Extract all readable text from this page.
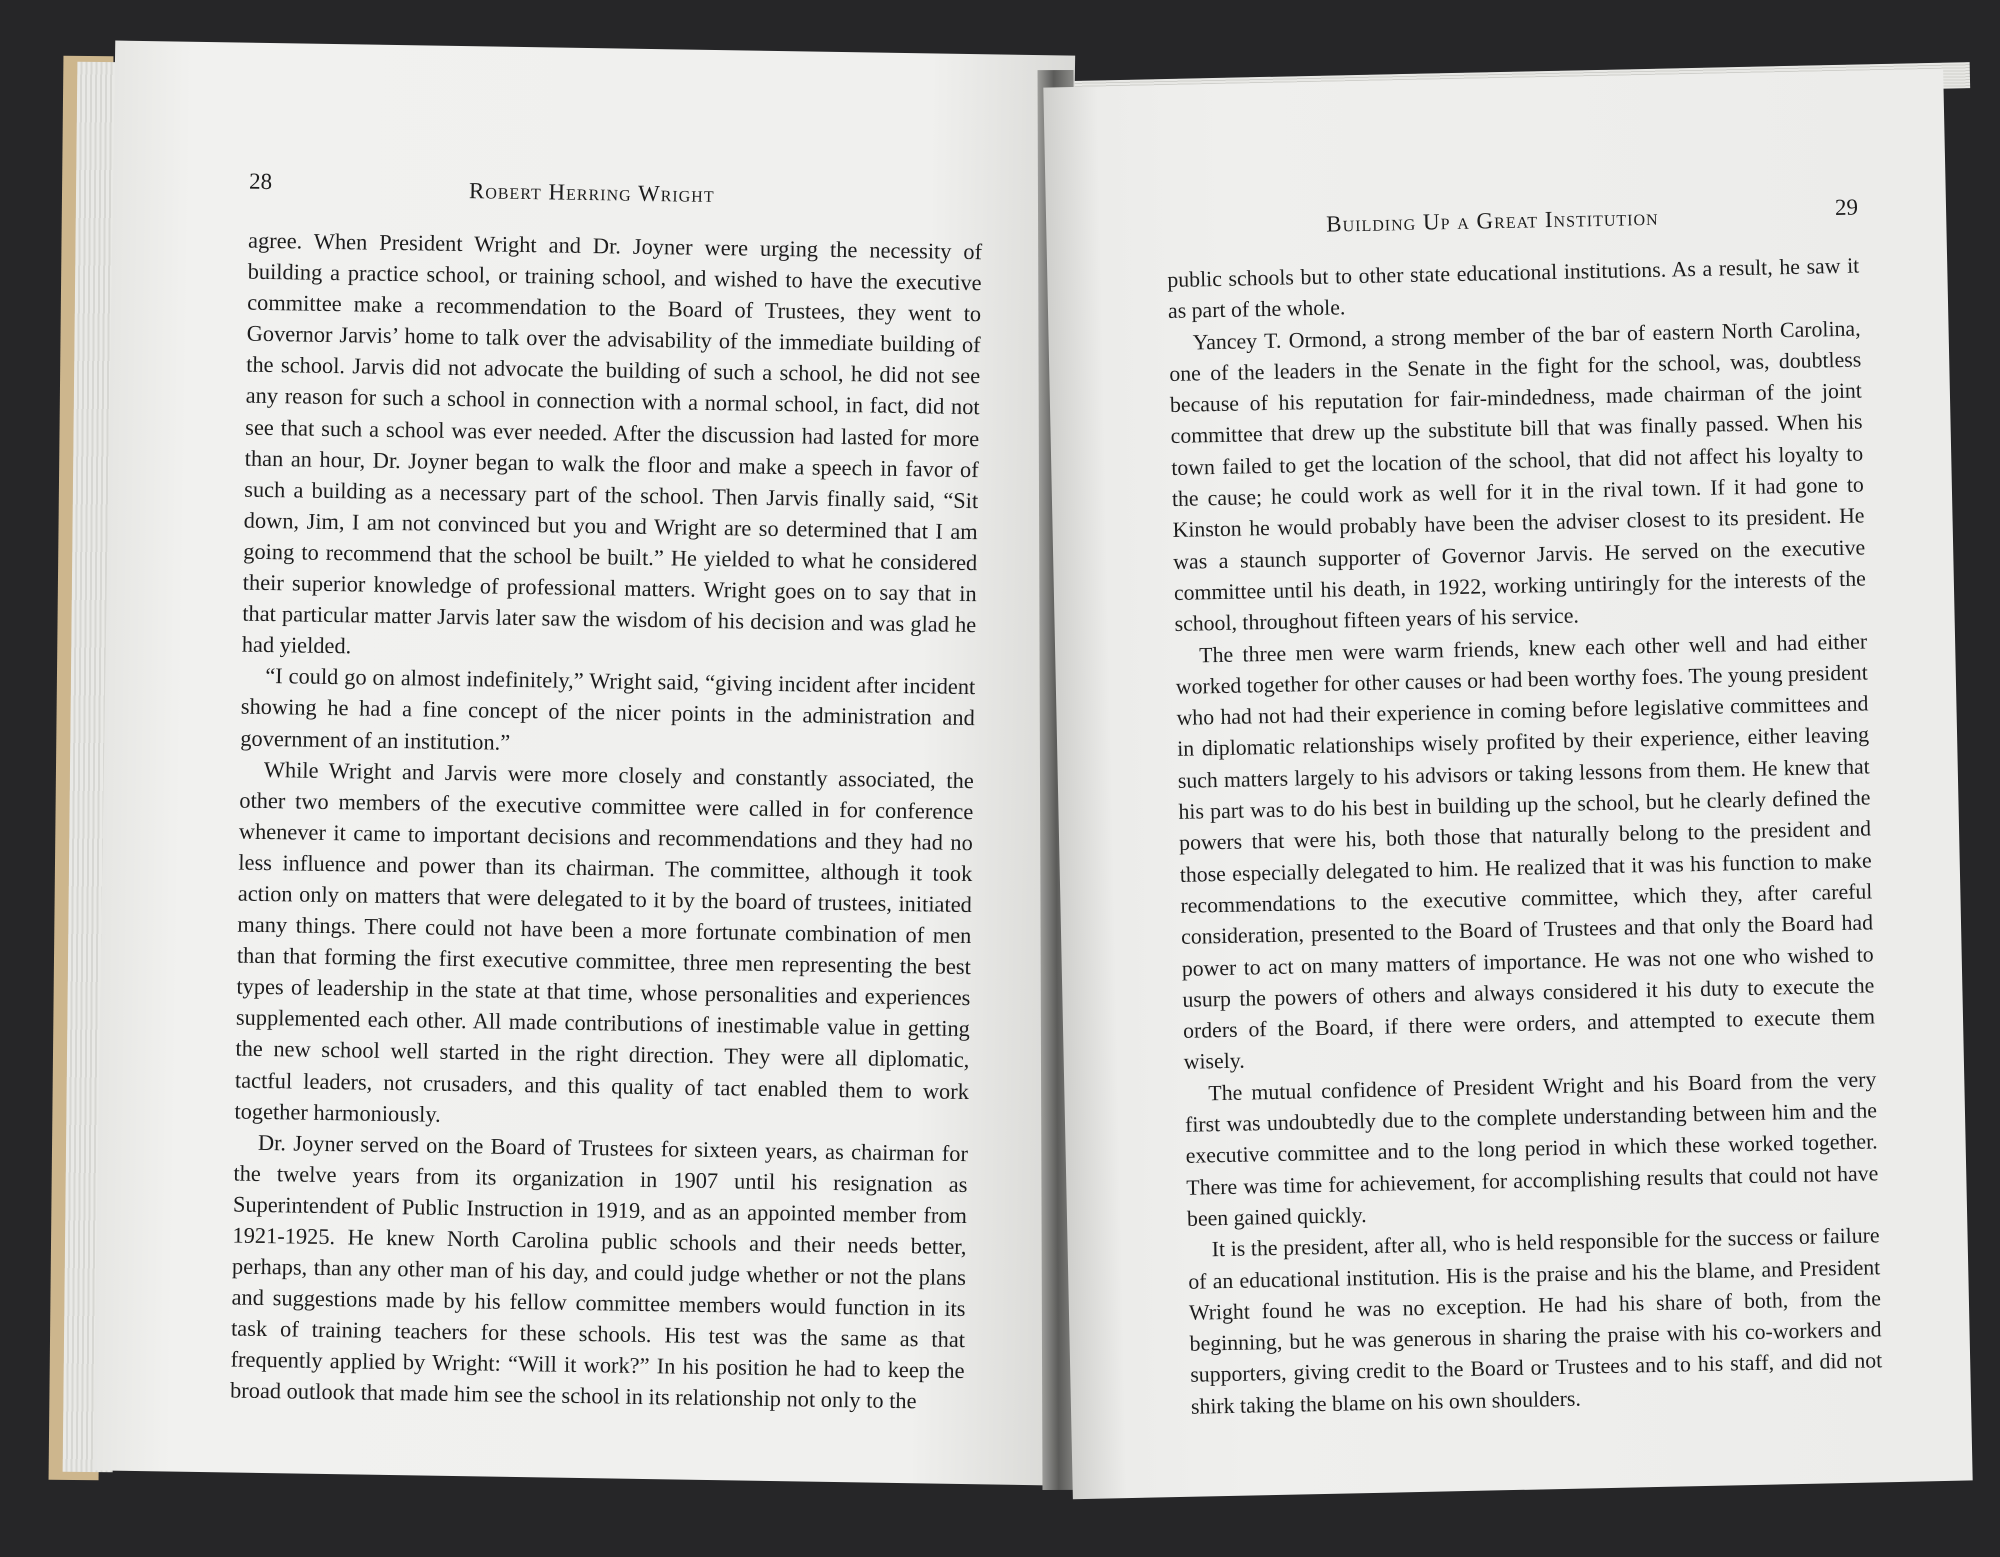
28	Robert Herring Wright

agree. When President Wright and Dr. Joyner were urging the necessity of building a practice school, or training school, and wished to have the executive committee make a recommendation to the Board of Trustees, they went to Governor Jarvis’ home to talk over the advisability of the immediate building of the school. Jarvis did not advocate the building of such a school, he did not see any reason for such a school in connection with a normal school, in fact, did not see that such a school was ever needed. After the discussion had lasted for more than an hour, Dr. Joyner began to walk the floor and make a speech in favor of such a building as a necessary part of the school. Then Jarvis finally said, “Sit down, Jim, I am not convinced but you and Wright are so determined that I am going to recommend that the school be built.” He yielded to what he considered their superior knowledge of professional matters. Wright goes on to say that in that particular matter Jarvis later saw the wisdom of his decision and was glad he had yielded.

“I could go on almost indefinitely,” Wright said, “giving incident after incident showing he had a fine concept of the nicer points in the administration and government of an institution.”

While Wright and Jarvis were more closely and constantly associated, the other two members of the executive committee were called in for conference whenever it came to important decisions and recommendations and they had no less influence and power than its chairman. The committee, although it took action only on matters that were delegated to it by the board of trustees, initiated many things. There could not have been a more fortunate combination of men than that forming the first executive committee, three men representing the best types of leadership in the state at that time, whose personalities and experiences supplemented each other. All made contributions of inestimable value in getting the new school well started in the right direction. They were all diplomatic, tactful leaders, not crusaders, and this quality of tact enabled them to work together harmoniously.

Dr. Joyner served on the Board of Trustees for sixteen years, as chairman for the twelve years from its organization in 1907 until his resignation as Superintendent of Public Instruction in 1919, and as an appointed member from 1921-1925. He knew North Carolina public schools and their needs better, perhaps, than any other man of his day, and could judge whether or not the plans and suggestions made by his fellow committee members would function in its task of training teachers for these schools. His test was the same as that frequently applied by Wright: “Will it work?” In his position he had to keep the broad outlook that made him see the school in its relationship not only to the

Building Up a Great Institution	29

public schools but to other state educational institutions. As a result, he saw it as part of the whole.

Yancey T. Ormond, a strong member of the bar of eastern North Carolina, one of the leaders in the Senate in the fight for the school, was, doubtless because of his reputation for fair-mindedness, made chairman of the joint committee that drew up the substitute bill that was finally passed. When his town failed to get the location of the school, that did not affect his loyalty to the cause; he could work as well for it in the rival town. If it had gone to Kinston he would probably have been the adviser closest to its president. He was a staunch supporter of Governor Jarvis. He served on the executive committee until his death, in 1922, working untiringly for the interests of the school, throughout fifteen years of his service.

The three men were warm friends, knew each other well and had either worked together for other causes or had been worthy foes. The young president who had not had their experience in coming before legislative committees and in diplomatic relationships wisely profited by their experience, either leaving such matters largely to his advisors or taking lessons from them. He knew that his part was to do his best in building up the school, but he clearly defined the powers that were his, both those that naturally belong to the president and those especially delegated to him. He realized that it was his function to make recommendations to the executive committee, which they, after careful consideration, presented to the Board of Trustees and that only the Board had power to act on many matters of importance. He was not one who wished to usurp the powers of others and always considered it his duty to execute the orders of the Board, if there were orders, and attempted to execute them wisely.

The mutual confidence of President Wright and his Board from the very first was undoubtedly due to the complete understanding between him and the executive committee and to the long period in which these worked together. There was time for achievement, for accomplishing results that could not have been gained quickly.

It is the president, after all, who is held responsible for the success or failure of an educational institution. His is the praise and his the blame, and President Wright found he was no exception. He had his share of both, from the beginning, but he was generous in sharing the praise with his co-workers and supporters, giving credit to the Board or Trustees and to his staff, and did not shirk taking the blame on his own shoulders.
